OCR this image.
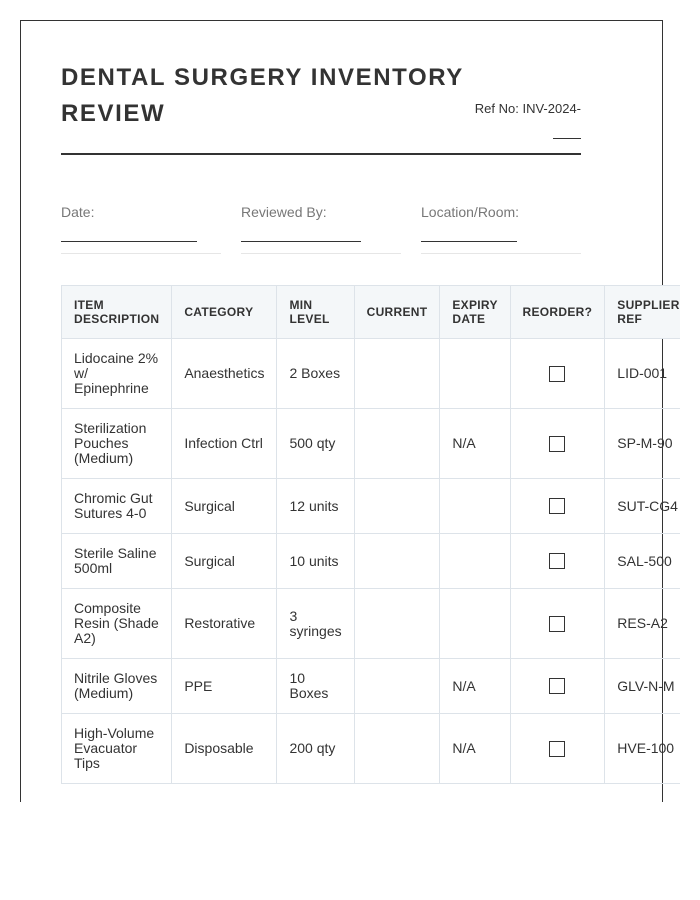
DENTAL SURGERY INVENTORY REVIEW	Ref No: INV-2024-

Date:	Reviewed By:	Location/Room:
ITEM DESCRIPTION	CATEGORY	MIN LEVEL	CURRENT	EXPIRY DATE	REORDER?	SUPPLIER REF
Lidocaine 2% w/ Epinephrine	Anaesthetics	2 Boxes				LID-001
Sterilization Pouches (Medium)	Infection Ctrl	500 qty		N/A		SP-M-90
Chromic Gut Sutures 4-0	Surgical	12 units				SUT-CG4
Sterile Saline 500ml	Surgical	10 units				SAL-500
Composite Resin (Shade A2)	Restorative	3 syringes				RES-A2
Nitrile Gloves (Medium)	PPE	10 Boxes		N/A		GLV-N-M
High-Volume Evacuator Tips	Disposable	200 qty		N/A		HVE-100
